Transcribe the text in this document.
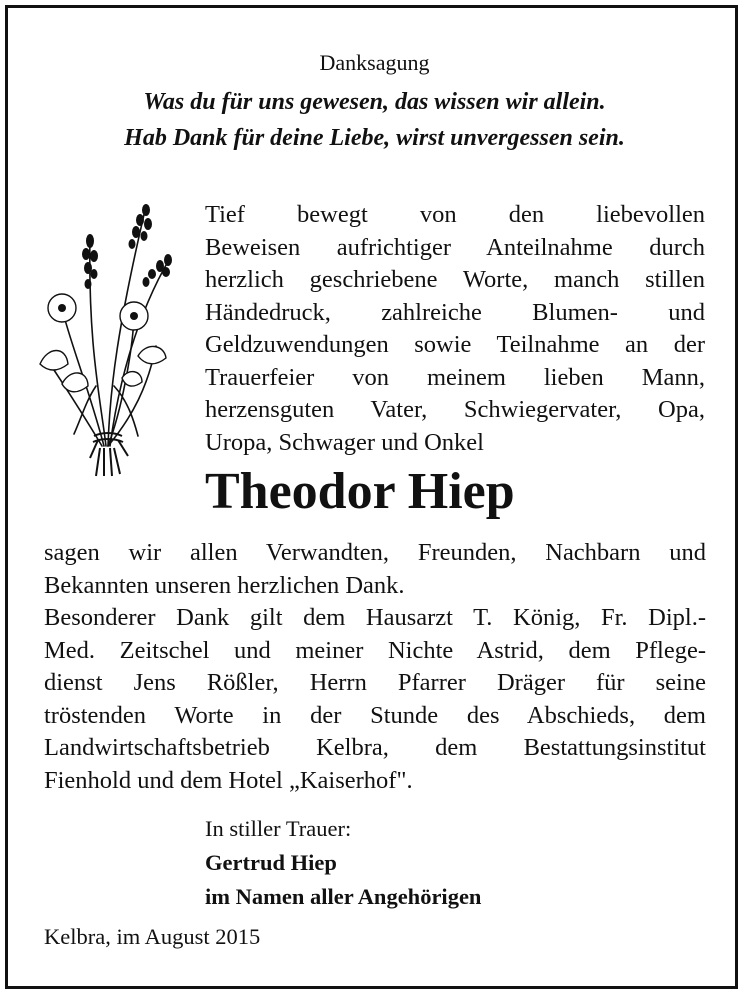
Danksagung
Was du für uns gewesen, das wissen wir allein.
Hab Dank für deine Liebe, wirst unvergessen sein.
Tief bewegt von den liebevollen
Beweisen aufrichtiger Anteilnahme durch
herzlich geschriebene Worte, manch stillen
Händedruck, zahlreiche Blumen- und
Geldzuwendungen sowie Teilnahme an der
Trauerfeier von meinem lieben Mann,
herzensguten Vater, Schwiegervater, Opa,
Uropa, Schwager und Onkel
Theodor Hiep
sagen wir allen Verwandten, Freunden, Nachbarn und
Bekannten unseren herzlichen Dank.
Besonderer Dank gilt dem Hausarzt T. König, Fr. Dipl.-
Med. Zeitschel und meiner Nichte Astrid, dem Pflege-
dienst Jens Rößler, Herrn Pfarrer Dräger für seine
tröstenden Worte in der Stunde des Abschieds, dem
Landwirtschaftsbetrieb Kelbra, dem Bestattungsinstitut
Fienhold und dem Hotel „Kaiserhof".
In stiller Trauer:
Gertrud Hiep
im Namen aller Angehörigen
Kelbra, im August 2015
